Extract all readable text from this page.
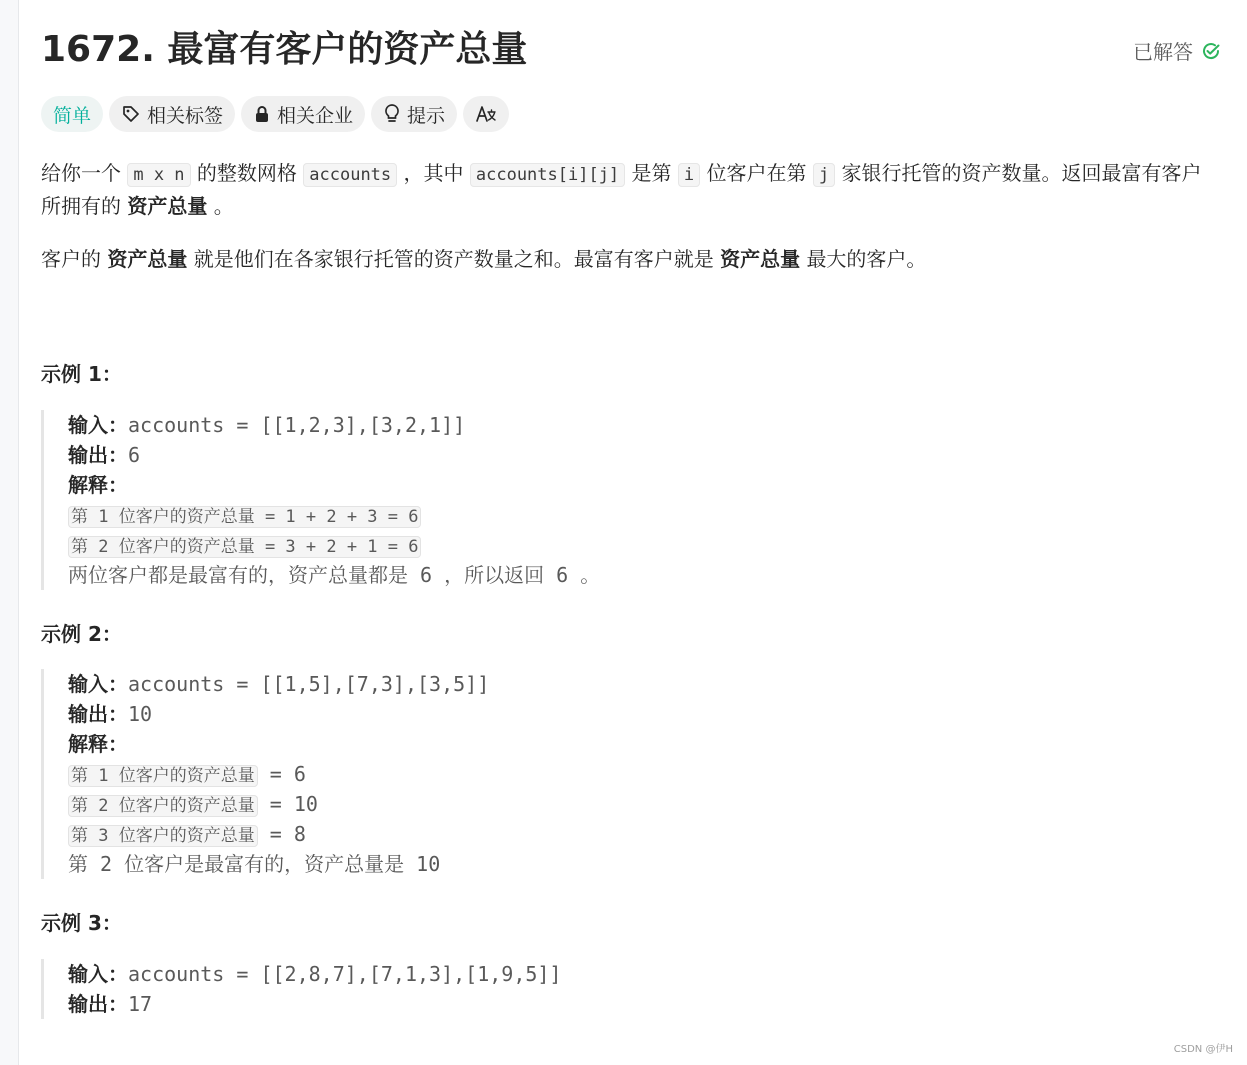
1672. 最富有客户的资产总量	已解答
简单	相关标签	相关企业	提示

给你一个 m x n 的整数网格 accounts ，其中 accounts[i][j] 是第 i 位客户在第 j 家银行托管的资产数量。返回最富有客户所拥有的 资产总量 。

客户的 资产总量 就是他们在各家银行托管的资产数量之和。最富有客户就是 资产总量 最大的客户。

示例 1：
输入：accounts = [[1,2,3],[3,2,1]]
输出：6
解释：
第 1 位客户的资产总量 = 1 + 2 + 3 = 6
第 2 位客户的资产总量 = 3 + 2 + 1 = 6
两位客户都是最富有的，资产总量都是 6 ，所以返回 6 。
示例 2：
输入：accounts = [[1,5],[7,3],[3,5]]
输出：10
解释：
第 1 位客户的资产总量 = 6
第 2 位客户的资产总量 = 10
第 3 位客户的资产总量 = 8
第 2 位客户是最富有的，资产总量是 10
示例 3：
输入：accounts = [[2,8,7],[7,1,3],[1,9,5]]
输出：17
CSDN @伊H
